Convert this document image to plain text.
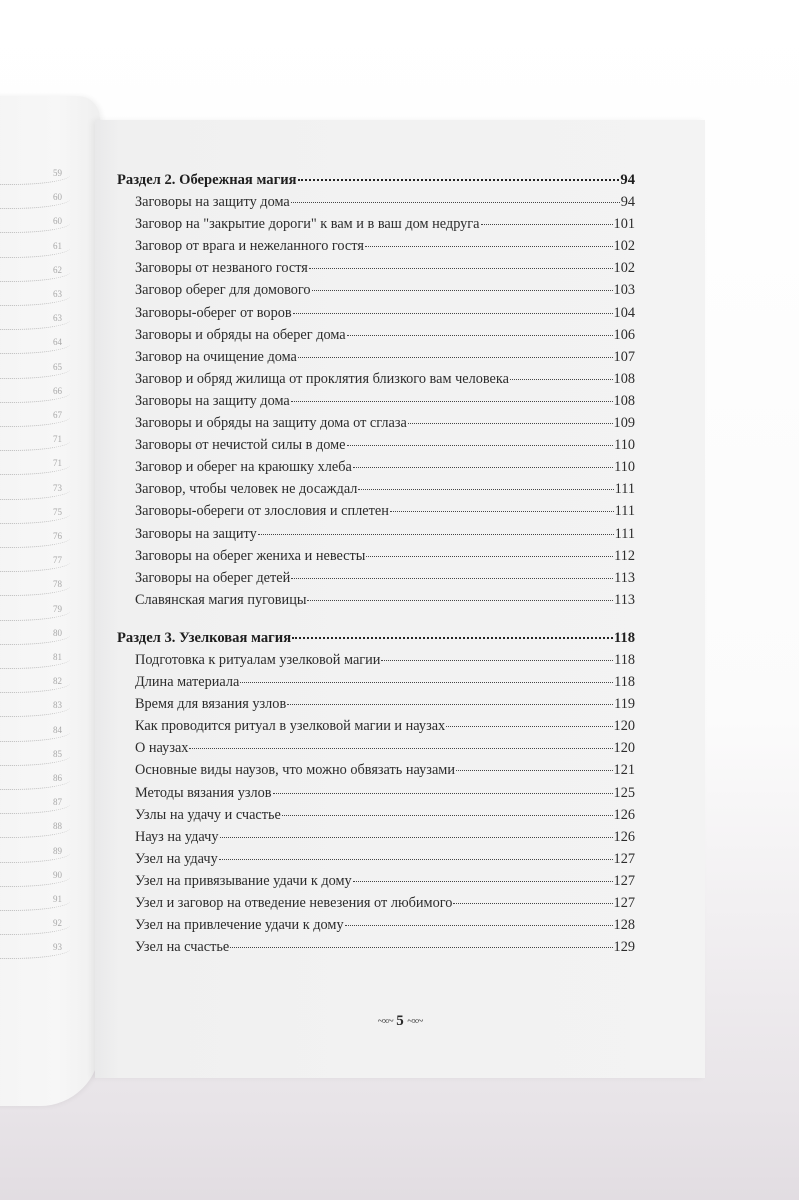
59
60
60
61
62
63
63
64
65
66
67
71
71
73
75
76
77
78
79
80
81
82
83
84
85
86
87
88
89
90
91
92
93
Раздел 2. Обережная магия	94
Заговоры на защиту дома	94
Заговор на "закрытие дороги" к вам и в ваш дом недруга	101
Заговор от врага и нежеланного гостя	102
Заговоры от незваного гостя	102
Заговор оберег для домового	103
Заговоры-оберег от воров	104
Заговоры и обряды на оберег дома	106
Заговор на очищение дома	107
Заговор и обряд жилища от проклятия близкого вам человека	108
Заговоры на защиту дома	108
Заговоры и обряды на защиту дома от сглаза	109
Заговоры от нечистой силы в доме	110
Заговор и оберег на краюшку хлеба	110
Заговор, чтобы человек не досаждал	111
Заговоры-обереги от злословия и сплетен	111
Заговоры на защиту	111
Заговоры на оберег жениха и невесты	112
Заговоры на оберег детей	113
Славянская магия пуговицы	113
Раздел 3. Узелковая магия	118
Подготовка к ритуалам узелковой магии	118
Длина материала	118
Время для вязания узлов	119
Как проводится ритуал в узелковой магии и наузах	120
О наузах	120
Основные виды наузов, что можно обвязать наузами	121
Методы вязания узлов	125
Узлы на удачу и счастье	126
Науз на удачу	126
Узел на удачу	127
Узел на привязывание удачи к дому	127
Узел и заговор на отведение невезения от любимого	127
Узел на привлечение удачи к дому	128
Узел на счастье	129
~∞~ 5 ~∞~
